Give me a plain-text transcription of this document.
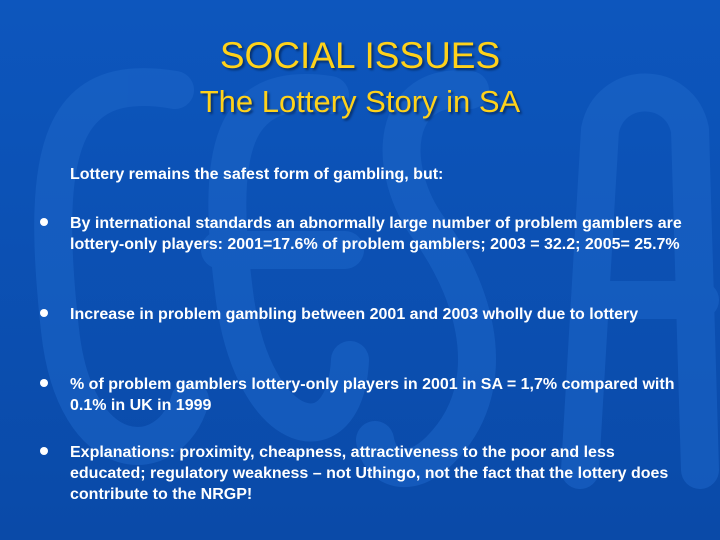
SOCIAL ISSUES
The Lottery Story in SA
Lottery remains the safest form of gambling, but:
By international standards an abnormally large number of problem gamblers are lottery-only players: 2001=17.6% of problem gamblers; 2003 = 32.2; 2005= 25.7%
Increase in problem gambling between 2001 and 2003 wholly due to lottery
% of problem gamblers lottery-only players in 2001 in SA = 1,7% compared with 0.1% in UK in 1999
Explanations: proximity, cheapness, attractiveness to the poor and less educated; regulatory weakness – not Uthingo, not the fact that the lottery does contribute to the NRGP!
